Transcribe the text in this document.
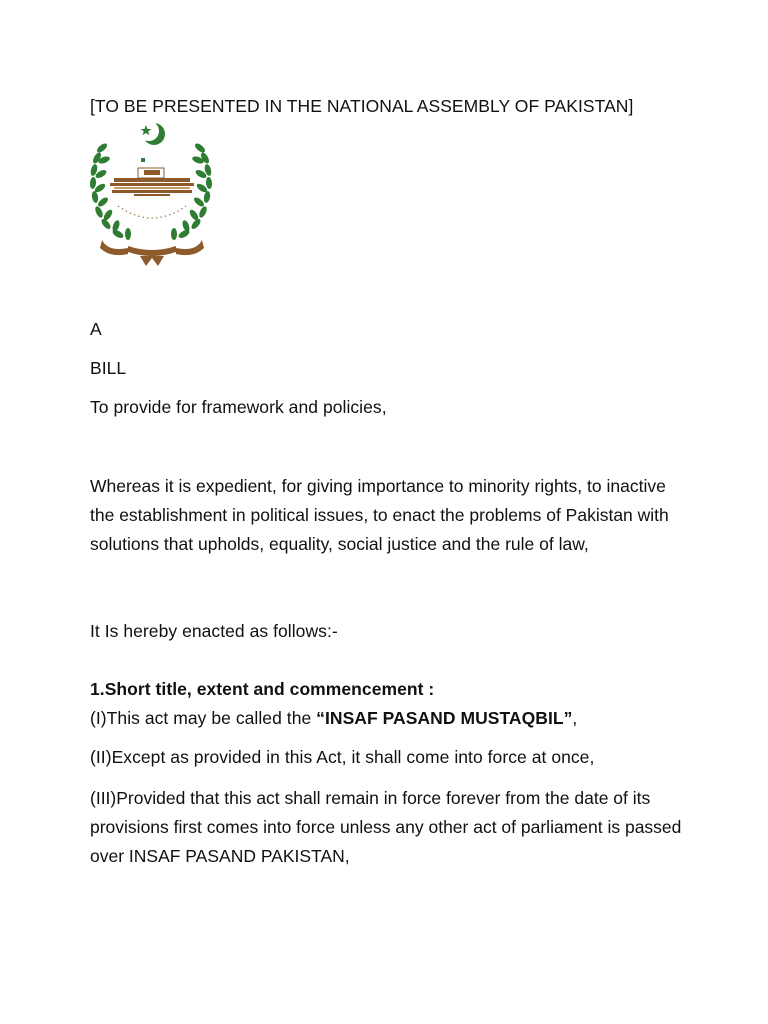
[TO BE PRESENTED IN THE NATIONAL ASSEMBLY OF PAKISTAN]
A
BILL
To provide for framework and policies,
Whereas it is expedient, for giving importance to minority rights, to inactive the establishment in political issues, to enact the problems of Pakistan with solutions that upholds, equality, social justice and the rule of law,
It Is hereby enacted as follows:-
1.Short title, extent and commencement :
(I)This act may be called the “INSAF PASAND MUSTAQBIL”,
(II)Except as provided in this Act, it shall come into force at once,
(III)Provided that this act shall remain in force forever from the date of its provisions first comes into force unless any other act of parliament is passed over INSAF PASAND PAKISTAN,
